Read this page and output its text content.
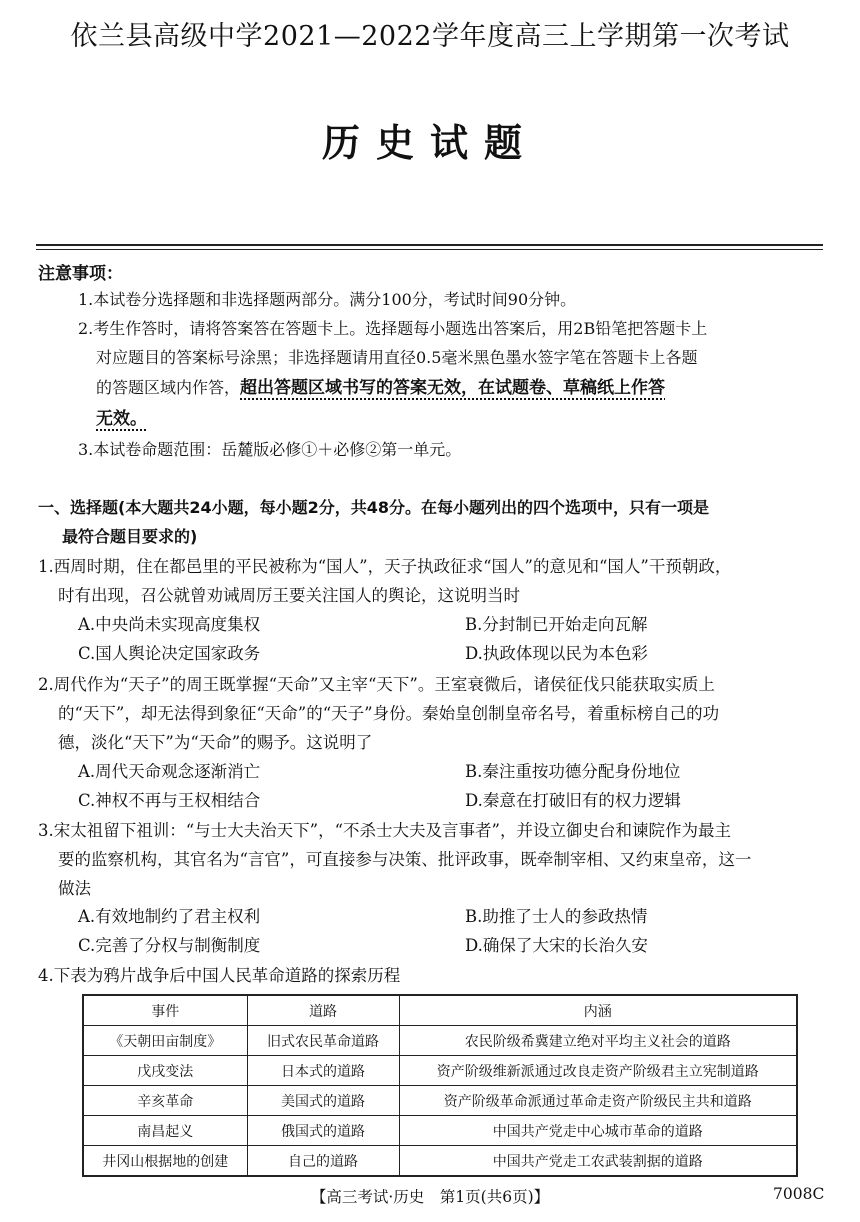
依兰县高级中学2021—2022学年度高三上学期第一次考试
历史试题
注意事项：
1.本试卷分选择题和非选择题两部分。满分100分，考试时间90分钟。
2.考生作答时，请将答案答在答题卡上。选择题每小题选出答案后，用2B铅笔把答题卡上
对应题目的答案标号涂黑；非选择题请用直径0.5毫米黑色墨水签字笔在答题卡上各题
的答题区域内作答，超出答题区域书写的答案无效，在试题卷、草稿纸上作答
无效。
3.本试卷命题范围：岳麓版必修①＋必修②第一单元。
一、选择题(本大题共24小题，每小题2分，共48分。在每小题列出的四个选项中，只有一项是
最符合题目要求的)
1.西周时期，住在都邑里的平民被称为“国人”，天子执政征求“国人”的意见和“国人”干预朝政，
时有出现，召公就曾劝诫周厉王要关注国人的舆论，这说明当时
A.中央尚未实现高度集权	B.分封制已开始走向瓦解
C.国人舆论决定国家政务	D.执政体现以民为本色彩
2.周代作为“天子”的周王既掌握“天命”又主宰“天下”。王室衰微后，诸侯征伐只能获取实质上
的“天下”，却无法得到象征“天命”的“天子”身份。秦始皇创制皇帝名号，着重标榜自己的功
德，淡化“天下”为“天命”的赐予。这说明了
A.周代天命观念逐渐消亡	B.秦注重按功德分配身份地位
C.神权不再与王权相结合	D.秦意在打破旧有的权力逻辑
3.宋太祖留下祖训：“与士大夫治天下”，“不杀士大夫及言事者”，并设立御史台和谏院作为最主
要的监察机构，其官名为“言官”，可直接参与决策、批评政事，既牵制宰相、又约束皇帝，这一
做法
A.有效地制约了君主权利	B.助推了士人的参政热情
C.完善了分权与制衡制度	D.确保了大宋的长治久安
4.下表为鸦片战争后中国人民革命道路的探索历程
事件	道路	内涵
《天朝田亩制度》	旧式农民革命道路	农民阶级希冀建立绝对平均主义社会的道路
戊戌变法	日本式的道路	资产阶级维新派通过改良走资产阶级君主立宪制道路
辛亥革命	美国式的道路	资产阶级革命派通过革命走资产阶级民主共和道路
南昌起义	俄国式的道路	中国共产党走中心城市革命的道路
井冈山根据地的创建	自己的道路	中国共产党走工农武装割据的道路
【高三考试·历史　第1页(共6页)】	7008C
